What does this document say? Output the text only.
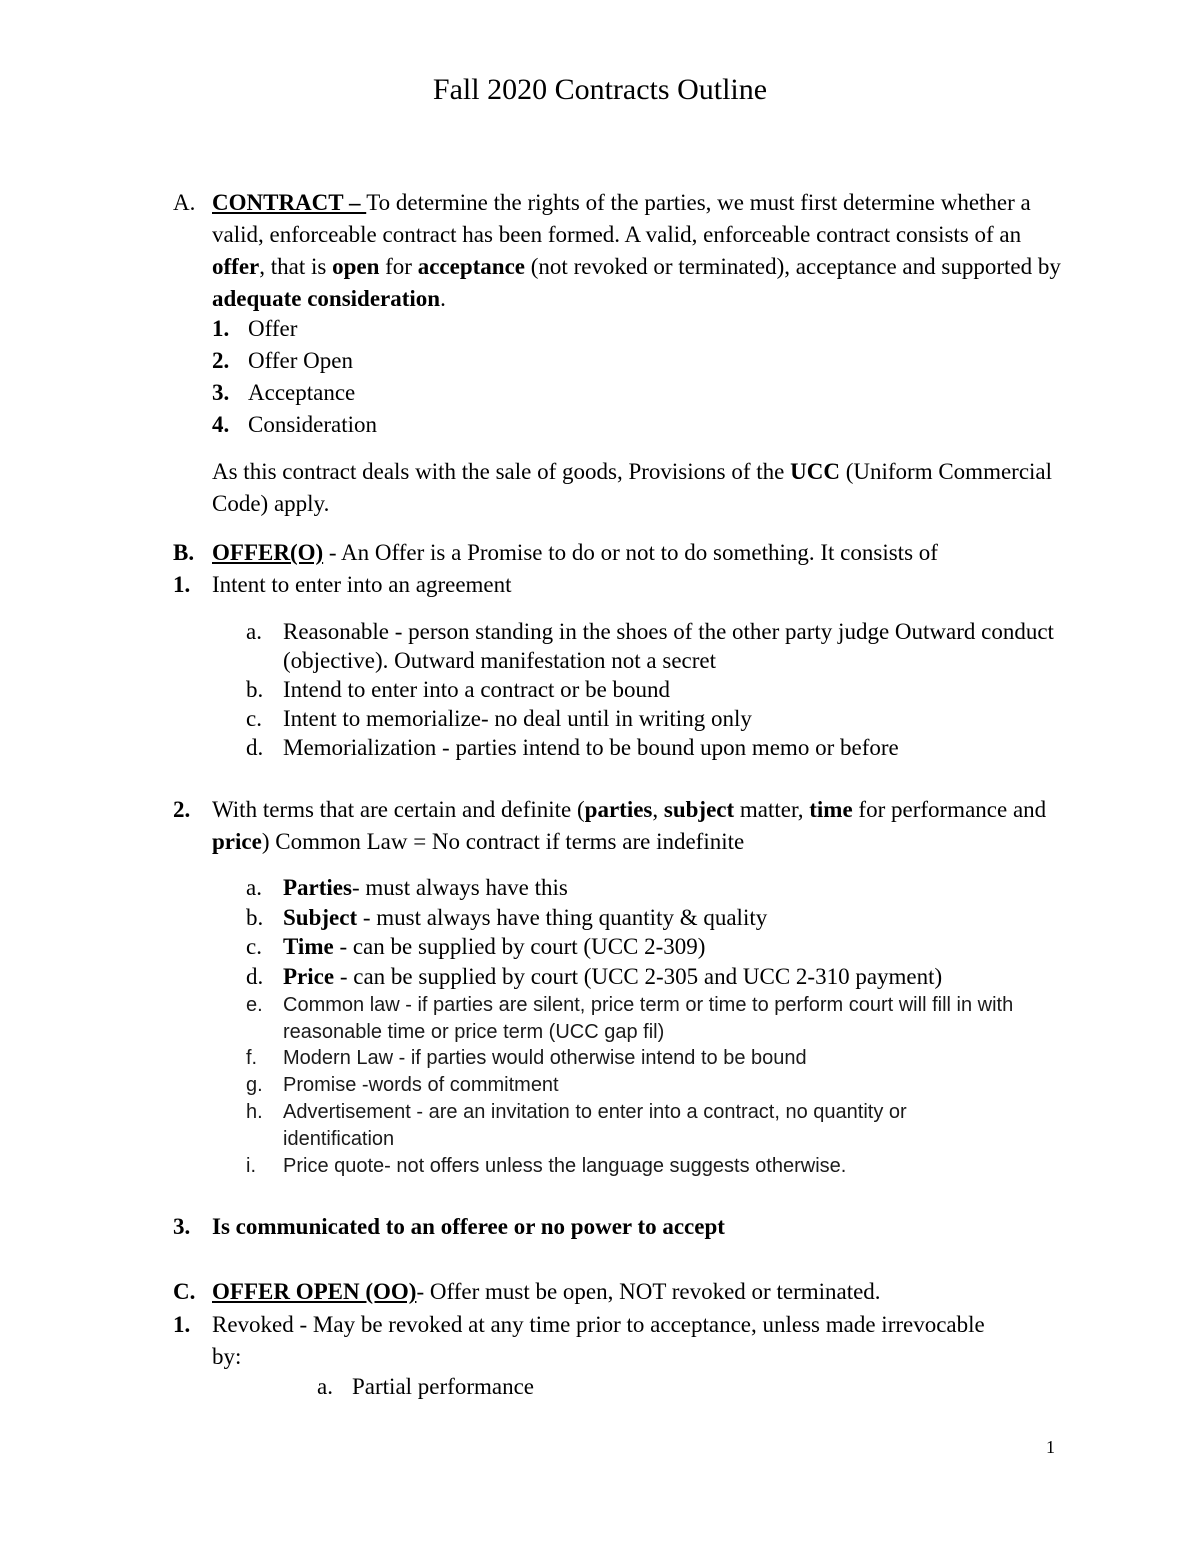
Fall 2020 Contracts Outline
A. CONTRACT – To determine the rights of the parties, we must first determine whether a valid, enforceable contract has been formed. A valid, enforceable contract consists of an offer, that is open for acceptance (not revoked or terminated), acceptance and supported by adequate consideration.
1. Offer
2. Offer Open
3. Acceptance
4. Consideration
As this contract deals with the sale of goods, Provisions of the UCC (Uniform Commercial Code) apply.
B. OFFER(O) - An Offer is a Promise to do or not to do something. It consists of
1. Intent to enter into an agreement
a. Reasonable - person standing in the shoes of the other party judge Outward conduct (objective). Outward manifestation not a secret
b. Intend to enter into a contract or be bound
c. Intent to memorialize- no deal until in writing only
d. Memorialization - parties intend to be bound upon memo or before
2. With terms that are certain and definite (parties, subject matter, time for performance and price) Common Law = No contract if terms are indefinite
a. Parties- must always have this
b. Subject - must always have thing quantity & quality
c. Time - can be supplied by court (UCC 2-309)
d. Price - can be supplied by court (UCC 2-305 and UCC 2-310 payment)
e. Common law - if parties are silent, price term or time to perform court will fill in with reasonable time or price term (UCC gap fil)
f. Modern Law - if parties would otherwise intend to be bound
g. Promise -words of commitment
h. Advertisement - are an invitation to enter into a contract, no quantity or identification
i. Price quote- not offers unless the language suggests otherwise.
3. Is communicated to an offeree or no power to accept
C. OFFER OPEN (OO)- Offer must be open, NOT revoked or terminated.
1. Revoked - May be revoked at any time prior to acceptance, unless made irrevocable by:
a. Partial performance
1
